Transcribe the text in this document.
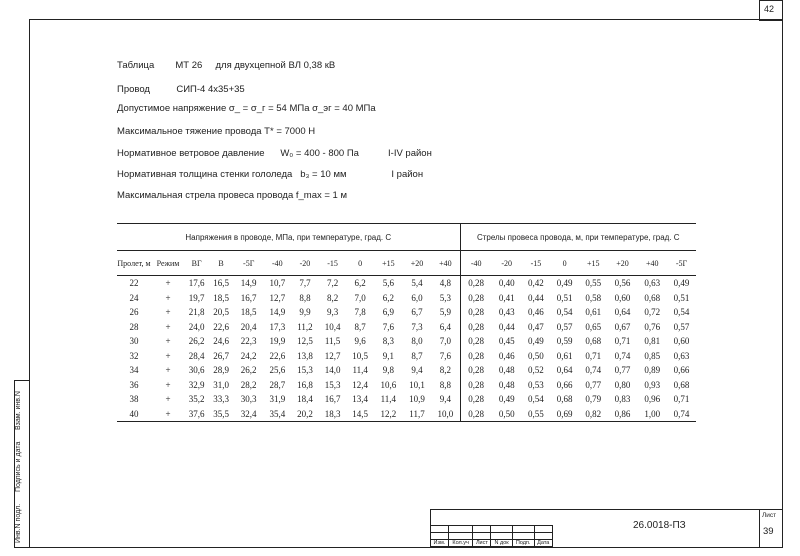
42
Таблица МТ 26 для двухцепной ВЛ 0,38 кВ
Провод	СИП-4 4х35+35
Допустимое напряжение σ_ = σ_г = 54 МПа σ_эг = 40 МПа
Максимальное тяжение провода Т* = 7000 Н
Нормативное ветровое давление W₀ = 400 - 800 Па	I-IV район
Нормативная толщина стенки гололеда b₃ = 10 мм	I район
Максимальная стрела провеса провода f_max = 1 м
Напряжения в проводе, МПа, при температуре, град. С												Стрелы провеса провода, м, при температуре, град. С							
Пролет, м	Режим	ВГ	В	-5Г	-40	-20	-15	0	+15	+20	+40	-40	-20	-15	0	+15	+20	+40	-5Г
22	+	17,6	16,5	14,9	10,7	7,7	7,2	6,2	5,6	5,4	4,8	0,28	0,40	0,42	0,49	0,55	0,56	0,63	0,49
24	+	19,7	18,5	16,7	12,7	8,8	8,2	7,0	6,2	6,0	5,3	0,28	0,41	0,44	0,51	0,58	0,60	0,68	0,51
26	+	21,8	20,5	18,5	14,9	9,9	9,3	7,8	6,9	6,7	5,9	0,28	0,43	0,46	0,54	0,61	0,64	0,72	0,54
28	+	24,0	22,6	20,4	17,3	11,2	10,4	8,7	7,6	7,3	6,4	0,28	0,44	0,47	0,57	0,65	0,67	0,76	0,57
30	+	26,2	24,6	22,3	19,9	12,5	11,5	9,6	8,3	8,0	7,0	0,28	0,45	0,49	0,59	0,68	0,71	0,81	0,60
32	+	28,4	26,7	24,2	22,6	13,8	12,7	10,5	9,1	8,7	7,6	0,28	0,46	0,50	0,61	0,71	0,74	0,85	0,63
34	+	30,6	28,9	26,2	25,6	15,3	14,0	11,4	9,8	9,4	8,2	0,28	0,48	0,52	0,64	0,74	0,77	0,89	0,66
36	+	32,9	31,0	28,2	28,7	16,8	15,3	12,4	10,6	10,1	8,8	0,28	0,48	0,53	0,66	0,77	0,80	0,93	0,68
38	+	35,2	33,3	30,3	31,9	18,4	16,7	13,4	11,4	10,9	9,4	0,28	0,49	0,54	0,68	0,79	0,83	0,96	0,71
40	+	37,6	35,5	32,4	35,4	20,2	18,3	14,5	12,2	11,7	10,0	0,28	0,50	0,55	0,69	0,82	0,86	1,00	0,74
Взам. инв.N
Подпись и дата
Инв.N подл.	Лист
39
26.0018-ПЗ

Изм.	Кол.уч	Лист	N док	Подп.	Дата
